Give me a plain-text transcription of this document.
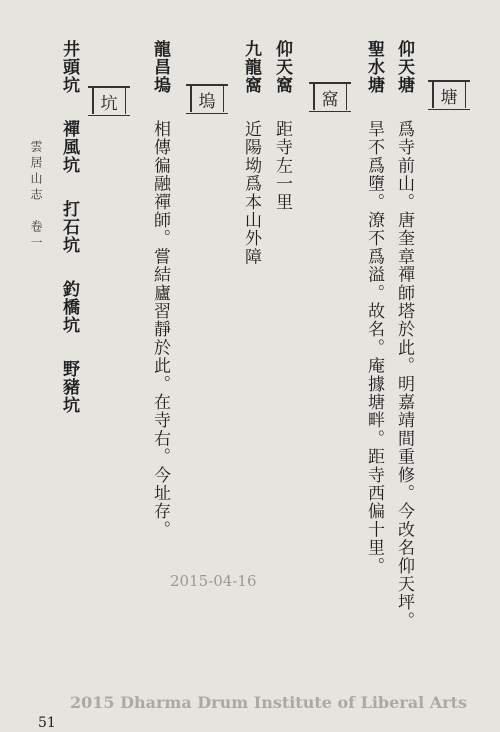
塘
仰天塘
爲寺前山。唐奎章禪師塔於此。明嘉靖間重修。今改名仰天坪。
聖水塘
旱不爲墮。潦不爲溢。故名。庵據塘畔。距寺西偏十里。
窩
仰天窩
距寺左一里
九龍窩
近陽坳爲本山外障
塢
龍昌塢
相傳徧融禪師。嘗結廬習靜於此。在寺右。今址存。
坑
井頭坑
禪風坑
打石坑
釣橋坑
野豬坑
雲居山志　卷一
2015-04-16
2015 Dharma Drum Institute of Liberal Arts
51
